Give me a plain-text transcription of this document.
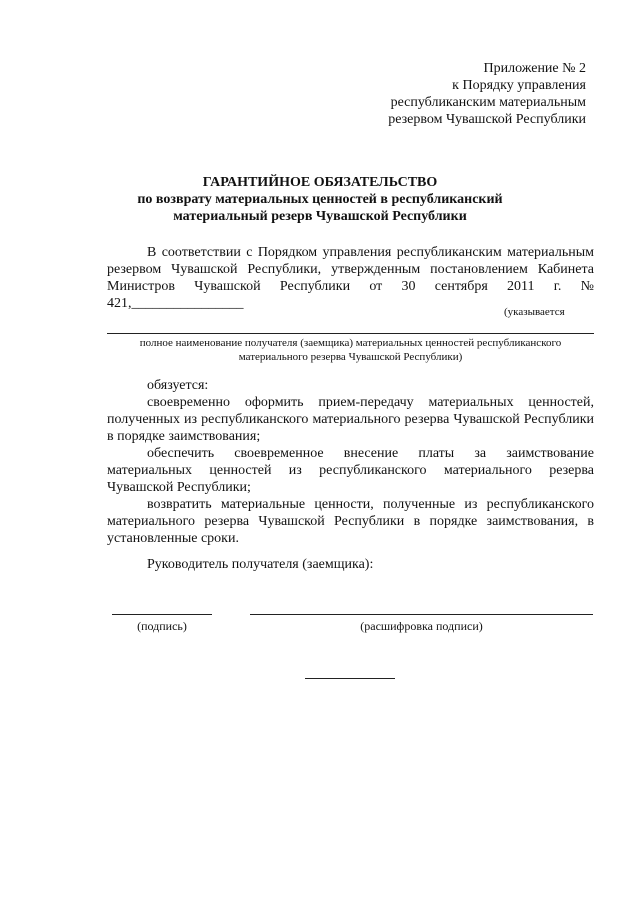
Приложение № 2
к Порядку управления
республиканским материальным
резервом Чувашской Республики
ГАРАНТИЙНОЕ ОБЯЗАТЕЛЬСТВО
по возврату материальных ценностей в республиканский
материальный резерв Чувашской Республики
В соответствии с Порядком управления республиканским материальным резервом Чувашской Республики, утвержденным постановлением Кабинета Министров Чувашской Республики от 30 сентября 2011 г. № 421,________________
(указывается
полное наименование получателя (заемщика) материальных ценностей республиканского
материального резерва Чувашской Республики)
обязуется:
своевременно оформить прием-передачу материальных ценностей, полученных из республиканского материального резерва Чувашской Республики в порядке заимствования;
обеспечить своевременное внесение платы за заимствование материальных ценностей из республиканского материального резерва Чувашской Республики;
возвратить материальные ценности, полученные из республиканского материального резерва Чувашской Республики в порядке заимствования, в установленные сроки.
Руководитель получателя (заемщика):
(подпись)	(расшифровка подписи)
